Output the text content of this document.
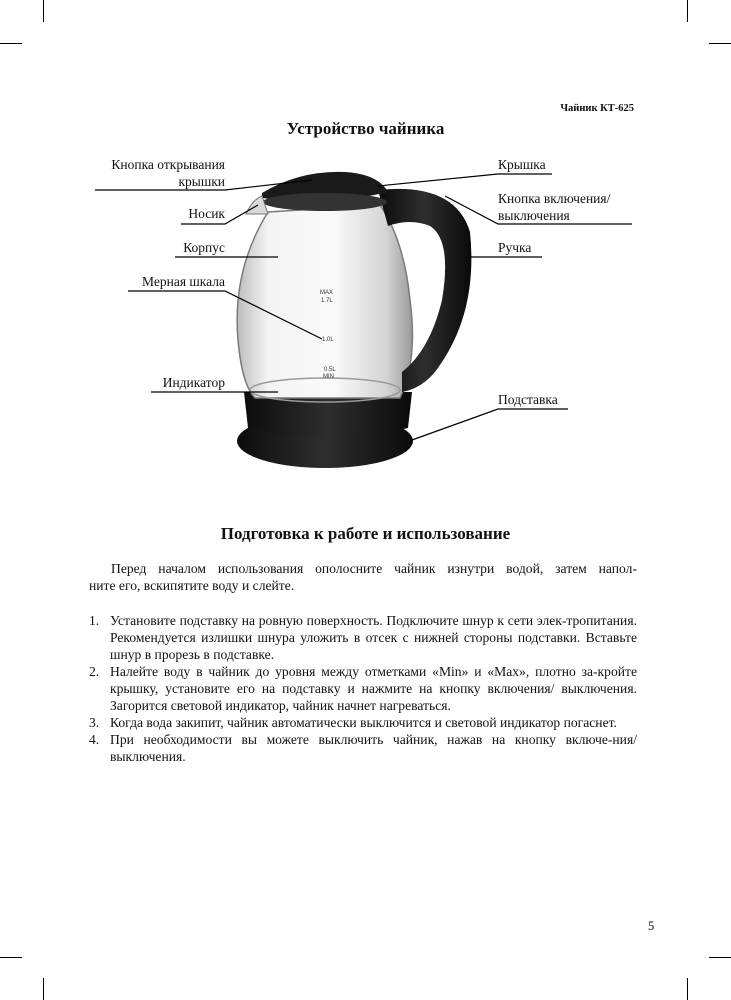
Чайник КТ-625
Устройство чайника
MAX
1.7L
1.0L
0.5L
MIN
Кнопка открывания
крышки
Носик
Корпус
Мерная шкала
Индикатор
Крышка
Кнопка включения/
выключения
Ручка
Подставка
Подготовка к работе и использование
Перед началом использования ополосните чайник изнутри водой, затем напол-
ните его, вскипятите воду и слейте.
1. Установите подставку на ровную поверхность. Подключите шнур к сети элек-тропитания. Рекомендуется излишки шнура уложить в отсек с нижней стороны подставки. Вставьте шнур в прорезь в подставке.
2. Налейте воду в чайник до уровня между отметками «Min» и «Max», плотно за-кройте крышку, установите его на подставку и нажмите на кнопку включения/ выключения. Загорится световой индикатор, чайник начнет нагреваться.
3. Когда вода закипит, чайник автоматически выключится и световой индикатор погаснет.
4. При необходимости вы можете выключить чайник, нажав на кнопку включе-ния/выключения.
5
